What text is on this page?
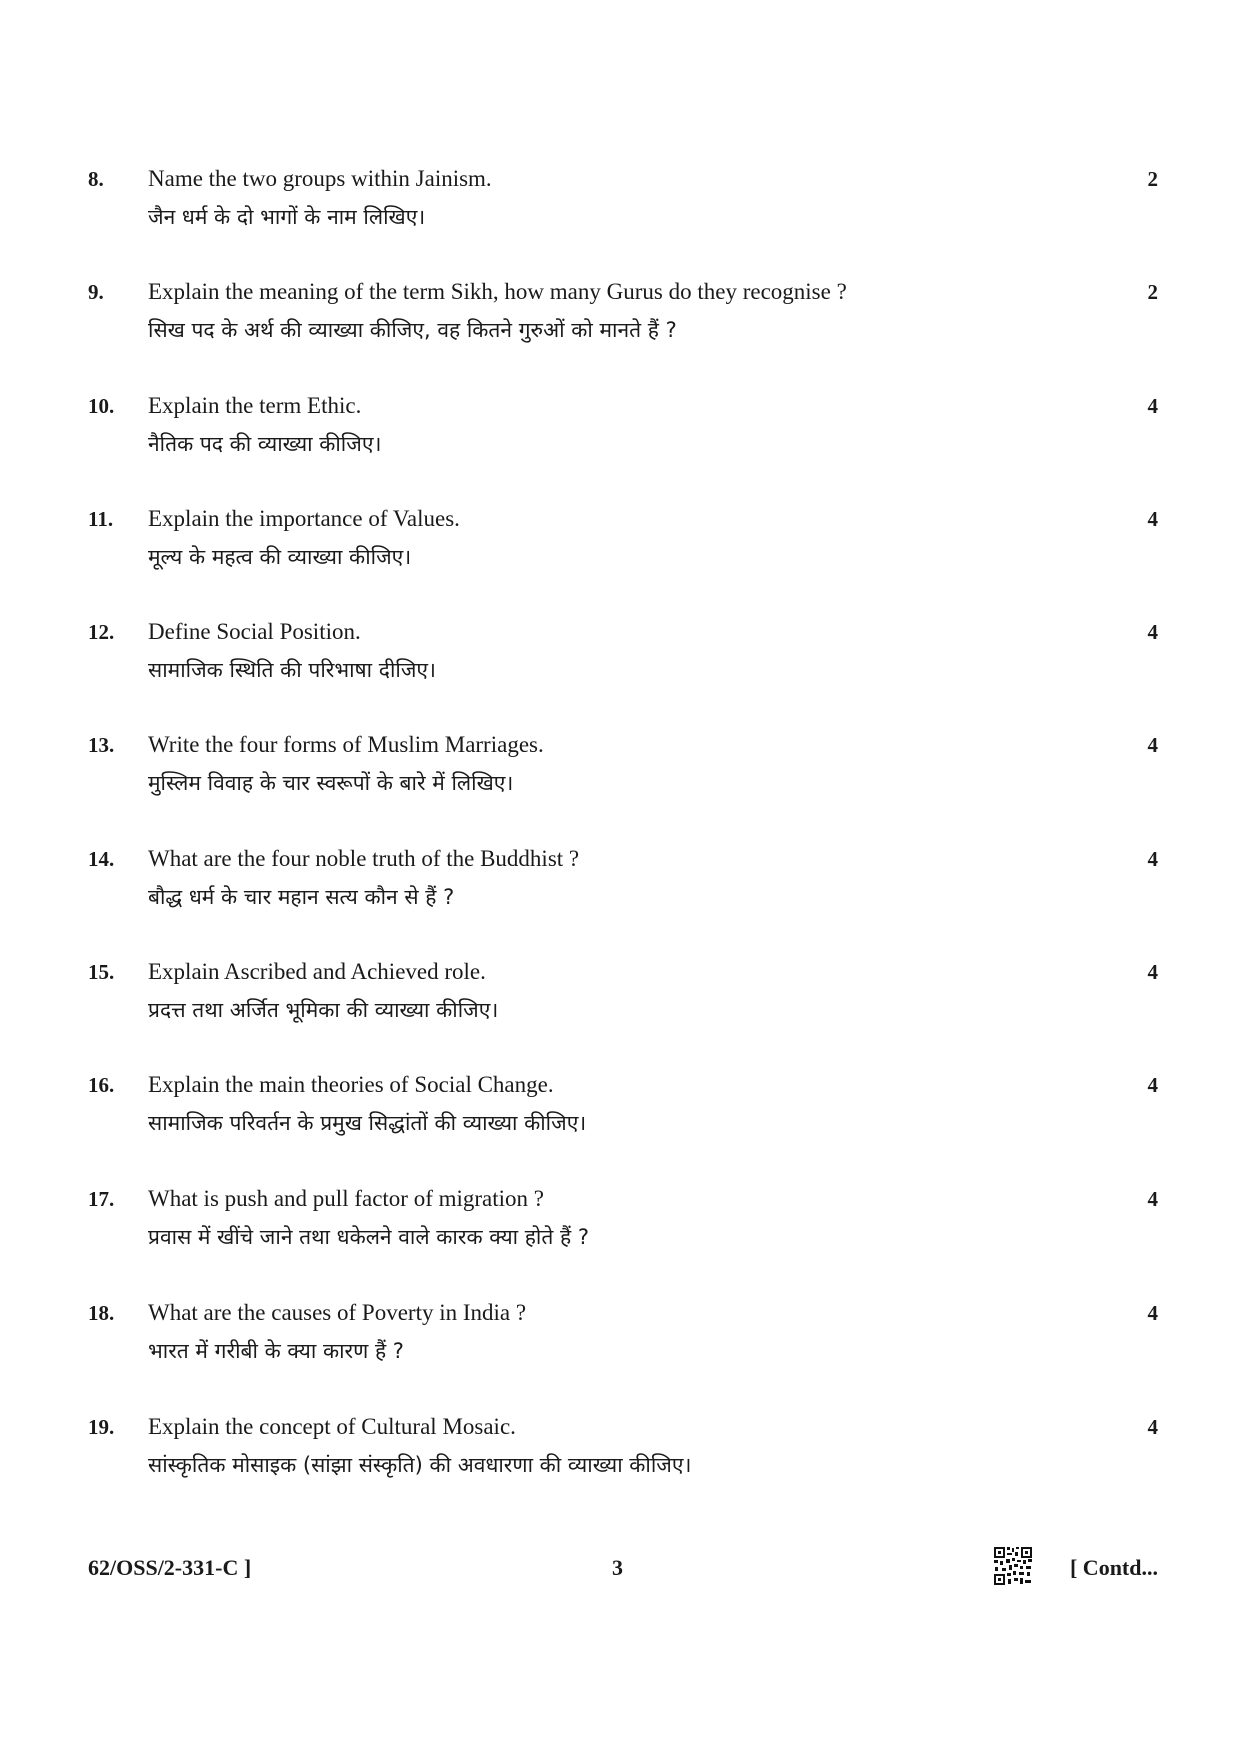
8. Name the two groups within Jainism.
जैन धर्म के दो भागों के नाम लिखिए।
2
9. Explain the meaning of the term Sikh, how many Gurus do they recognise ?
सिख पद के अर्थ की व्याख्या कीजिए, वह कितने गुरुओं को मानते हैं ?
2
10. Explain the term Ethic.
नैतिक पद की व्याख्या कीजिए।
4
11. Explain the importance of Values.
मूल्य के महत्व की व्याख्या कीजिए।
4
12. Define Social Position.
सामाजिक स्थिति की परिभाषा दीजिए।
4
13. Write the four forms of Muslim Marriages.
मुस्लिम विवाह के चार स्वरूपों के बारे में लिखिए।
4
14. What are the four noble truth of the Buddhist ?
बौद्ध धर्म के चार महान सत्य कौन से हैं ?
4
15. Explain Ascribed and Achieved role.
प्रदत्त तथा अर्जित भूमिका की व्याख्या कीजिए।
4
16. Explain the main theories of Social Change.
सामाजिक परिवर्तन के प्रमुख सिद्धांतों की व्याख्या कीजिए।
4
17. What is push and pull factor of migration ?
प्रवास में खींचे जाने तथा धकेलने वाले कारक क्या होते हैं ?
4
18. What are the causes of Poverty in India ?
भारत में गरीबी के क्या कारण हैं ?
4
19. Explain the concept of Cultural Mosaic.
सांस्कृतिक मोसाइक (सांझा संस्कृति) की अवधारणा की व्याख्या कीजिए।
4
62/OSS/2-331-C ]	3	[ Contd...
